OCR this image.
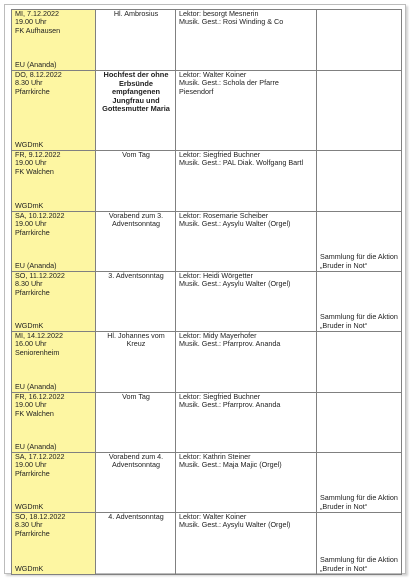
MI, 7.12.2022
19.00 Uhr
FK Aufhausen
EU (Ananda)	Hl. Ambrosius	Lektor: besorgt Mesnerin
Musik. Gest.: Rosi Winding & Co	

DO, 8.12.2022
8.30 Uhr
Pfarrkirche
WGDmK	Hochfest der ohne Erbsünde empfangenen Jungfrau und Gottesmutter Maria	Lektor: Walter Koiner
Musik. Gest.: Schola der Pfarre Piesendorf	

FR, 9.12.2022
19.00 Uhr
FK Walchen
WGDmK	Vom Tag	Lektor: Siegfried Buchner
Musik. Gest.: PAL Diak. Wolfgang Bartl	

SA, 10.12.2022
19.00 Uhr
Pfarrkirche
EU (Ananda)	Vorabend zum 3. Adventsonntag	Lektor: Rosemarie Scheiber
Musik. Gest.: Aysylu Walter (Orgel)	Sammlung für die Aktion „Bruder in Not“

SO, 11.12.2022
8.30 Uhr
Pfarrkirche
WGDmK	3. Adventsonntag	Lektor: Heidi Wörgetter
Musik. Gest.: Aysylu Walter (Orgel)	Sammlung für die Aktion „Bruder in Not“

MI, 14.12.2022
16.00 Uhr
Seniorenheim
EU (Ananda)	Hl. Johannes vom Kreuz	Lektor: Midy Mayerhofer
Musik. Gest.: Pfarrprov. Ananda	

FR, 16.12.2022
19.00 Uhr
FK Walchen
EU (Ananda)	Vom Tag	Lektor: Siegfried Buchner
Musik. Gest.: Pfarrprov. Ananda	

SA, 17.12.2022
19.00 Uhr
Pfarrkirche
WGDmK	Vorabend zum 4. Adventsonntag	Lektor: Kathrin Steiner
Musik. Gest.: Maja Majic (Orgel)	Sammlung für die Aktion „Bruder in Not“

SO, 18.12.2022
8.30 Uhr
Pfarrkirche
WGDmK	4. Adventsonntag	Lektor: Walter Koiner
Musik. Gest.: Aysylu Walter (Orgel)	Sammlung für die Aktion „Bruder in Not“
